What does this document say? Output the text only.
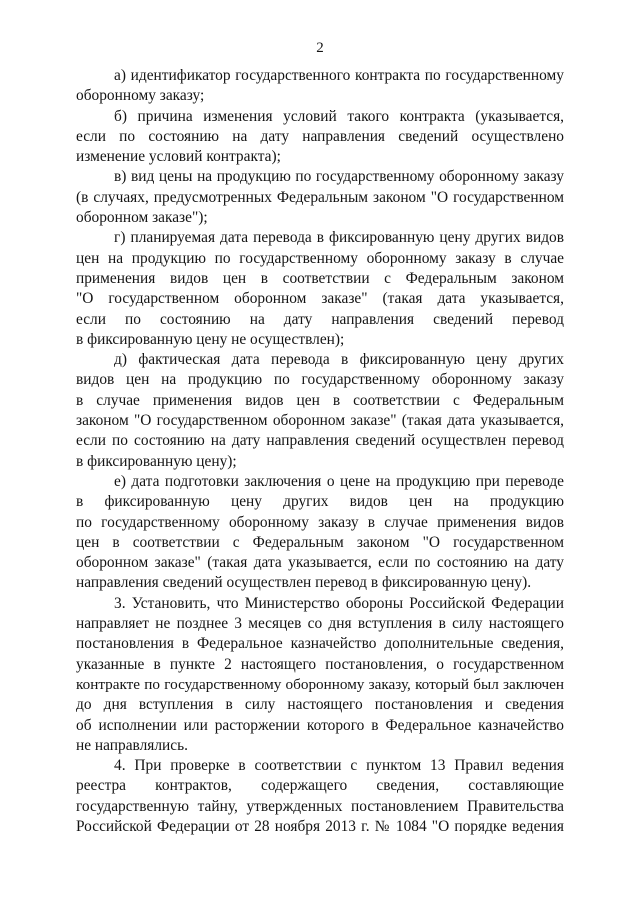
2
а) идентификатор государственного контракта по государственному
оборонному заказу;
б) причина изменения условий такого контракта (указывается,
если по состоянию на дату направления сведений осуществлено
изменение условий контракта);
в) вид цены на продукцию по государственному оборонному заказу
(в случаях, предусмотренных Федеральным законом "О государственном
оборонном заказе");
г) планируемая дата перевода в фиксированную цену других видов
цен на продукцию по государственному оборонному заказу в случае
применения видов цен в соответствии с Федеральным законом
"О государственном оборонном заказе" (такая дата указывается,
если по состоянию на дату направления сведений перевод
в фиксированную цену не осуществлен);
д) фактическая дата перевода в фиксированную цену других
видов цен на продукцию по государственному оборонному заказу
в случае применения видов цен в соответствии с Федеральным
законом "О государственном оборонном заказе" (такая дата указывается,
если по состоянию на дату направления сведений осуществлен перевод
в фиксированную цену);
е) дата подготовки заключения о цене на продукцию при переводе
в фиксированную цену других видов цен на продукцию
по государственному оборонному заказу в случае применения видов
цен в соответствии с Федеральным законом "О государственном
оборонном заказе" (такая дата указывается, если по состоянию на дату
направления сведений осуществлен перевод в фиксированную цену).
3. Установить, что Министерство обороны Российской Федерации
направляет не позднее 3 месяцев со дня вступления в силу настоящего
постановления в Федеральное казначейство дополнительные сведения,
указанные в пункте 2 настоящего постановления, о государственном
контракте по государственному оборонному заказу, который был заключен
до дня вступления в силу настоящего постановления и сведения
об исполнении или расторжении которого в Федеральное казначейство
не направлялись.
4. При проверке в соответствии с пунктом 13 Правил ведения
реестра контрактов, содержащего сведения, составляющие
государственную тайну, утвержденных постановлением Правительства
Российской Федерации от 28 ноября 2013 г. № 1084 "О порядке ведения
